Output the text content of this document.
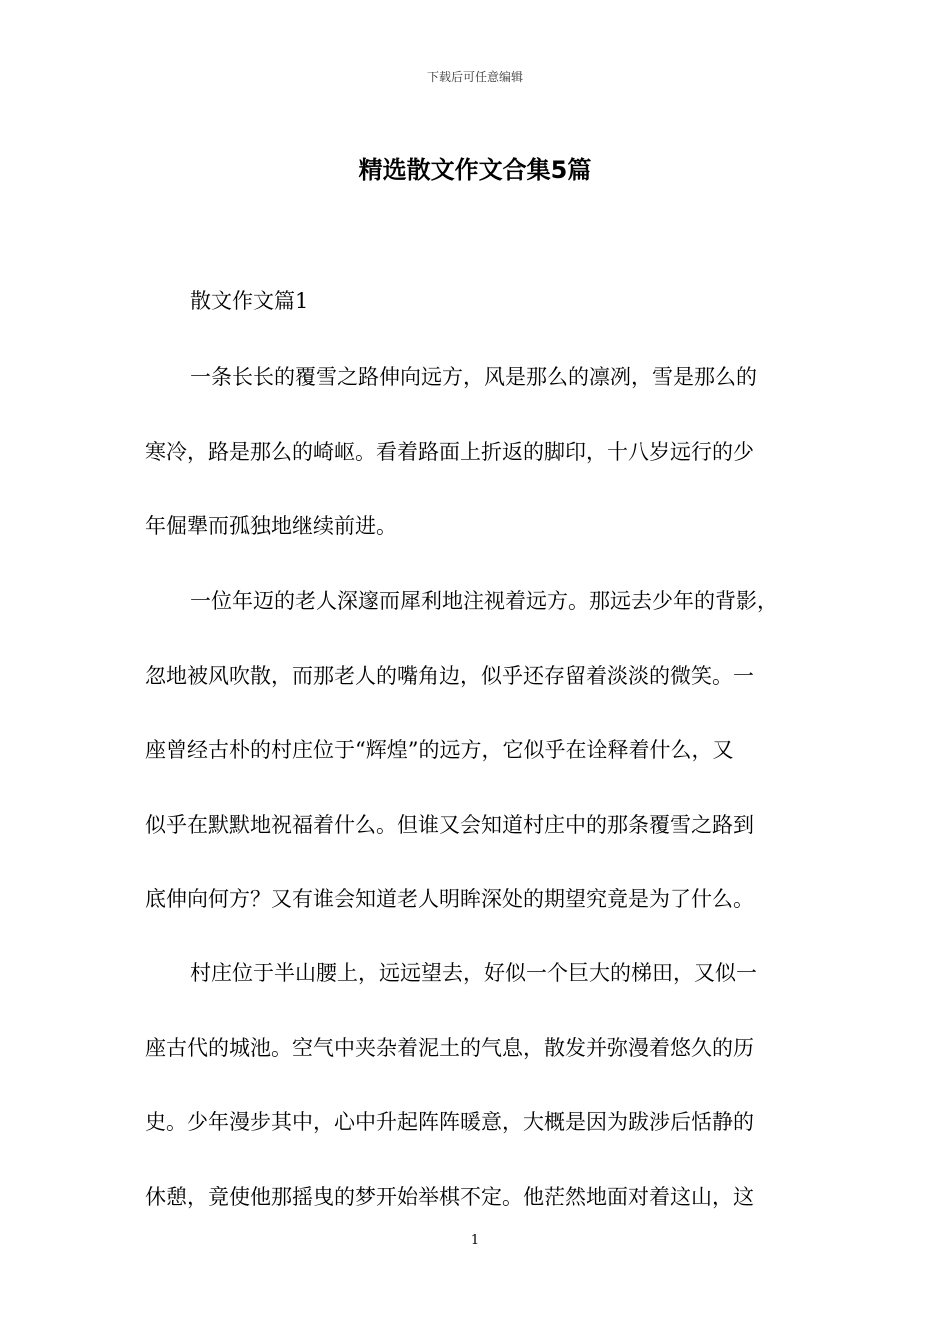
下载后可任意编辑
精选散文作文合集5篇
散文作文篇1
一条长长的覆雪之路伸向远方，风是那么的凛冽，雪是那么的
寒冷，路是那么的崎岖。看着路面上折返的脚印，十八岁远行的少
年倔犟而孤独地继续前进。
一位年迈的老人深邃而犀利地注视着远方。那远去少年的背影，
忽地被风吹散，而那老人的嘴角边，似乎还存留着淡淡的微笑。一
座曾经古朴的村庄位于“辉煌”的远方，它似乎在诠释着什么，又
似乎在默默地祝福着什么。但谁又会知道村庄中的那条覆雪之路到
底伸向何方？又有谁会知道老人明眸深处的期望究竟是为了什么。
村庄位于半山腰上，远远望去，好似一个巨大的梯田，又似一
座古代的城池。空气中夹杂着泥土的气息，散发并弥漫着悠久的历
史。少年漫步其中，心中升起阵阵暖意，大概是因为跋涉后恬静的
休憩，竟使他那摇曳的梦开始举棋不定。他茫然地面对着这山，这
1
